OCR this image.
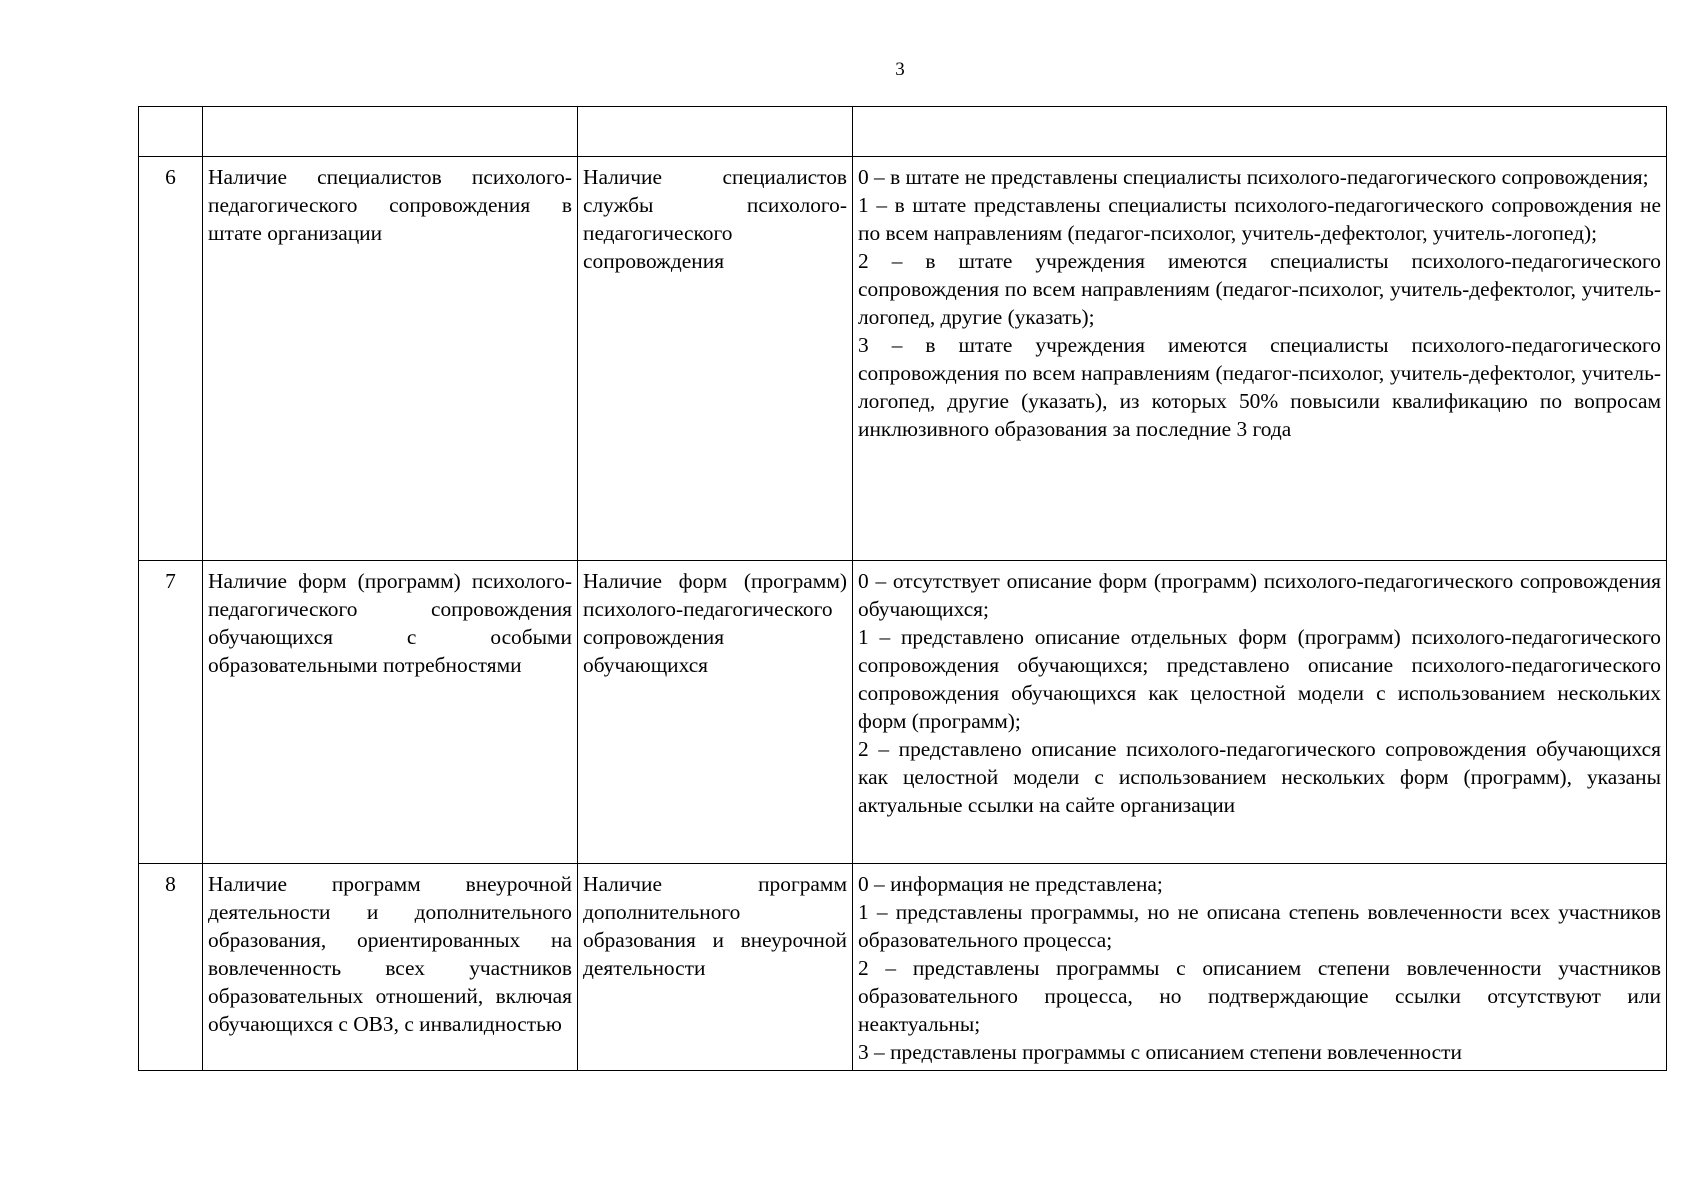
3

6	Наличие специалистов психолого-педагогического сопровождения в штате организации	Наличие специалистов службы психолого-педагогического сопровождения	0 – в штате не представлены специалисты психолого-педагогического сопровождения;

1 – в штате представлены специалисты психолого-педагогического сопровождения не по всем направлениям (педагог-психолог, учитель-дефектолог, учитель-логопед);

2 – в штате учреждения имеются специалисты психолого-педагогического сопровождения по всем направлениям (педагог-психолог, учитель-дефектолог, учитель-логопед, другие (указать);

3 – в штате учреждения имеются специалисты психолого-педагогического сопровождения по всем направлениям (педагог-психолог, учитель-дефектолог, учитель-логопед, другие (указать), из которых 50% повысили квалификацию по вопросам инклюзивного образования за последние 3 года

7	Наличие форм (программ) психолого-педагогического сопровождения обучающихся с особыми образовательными потребностями	Наличие форм (программ) психолого-педагогического сопровождения обучающихся	0 – отсутствует описание форм (программ) психолого-педагогического сопровождения обучающихся;

1 – представлено описание отдельных форм (программ) психолого-педагогического сопровождения обучающихся; представлено описание психолого-педагогического сопровождения обучающихся как целостной модели с использованием нескольких форм (программ);

2 – представлено описание психолого-педагогического сопровождения обучающихся как целостной модели с использованием нескольких форм (программ), указаны актуальные ссылки на сайте организации

8	Наличие программ внеурочной деятельности и дополнительного образования, ориентированных на вовлеченность всех участников образовательных отношений, включая обучающихся с ОВЗ, с инвалидностью	Наличие программ дополнительного образования и внеурочной деятельности	0 – информация не представлена;

1 – представлены программы, но не описана степень вовлеченности всех участников образовательного процесса;

2 – представлены программы с описанием степени вовлеченности участников образовательного процесса, но подтверждающие ссылки отсутствуют или неактуальны;

3 – представлены программы с описанием степени вовлеченности
